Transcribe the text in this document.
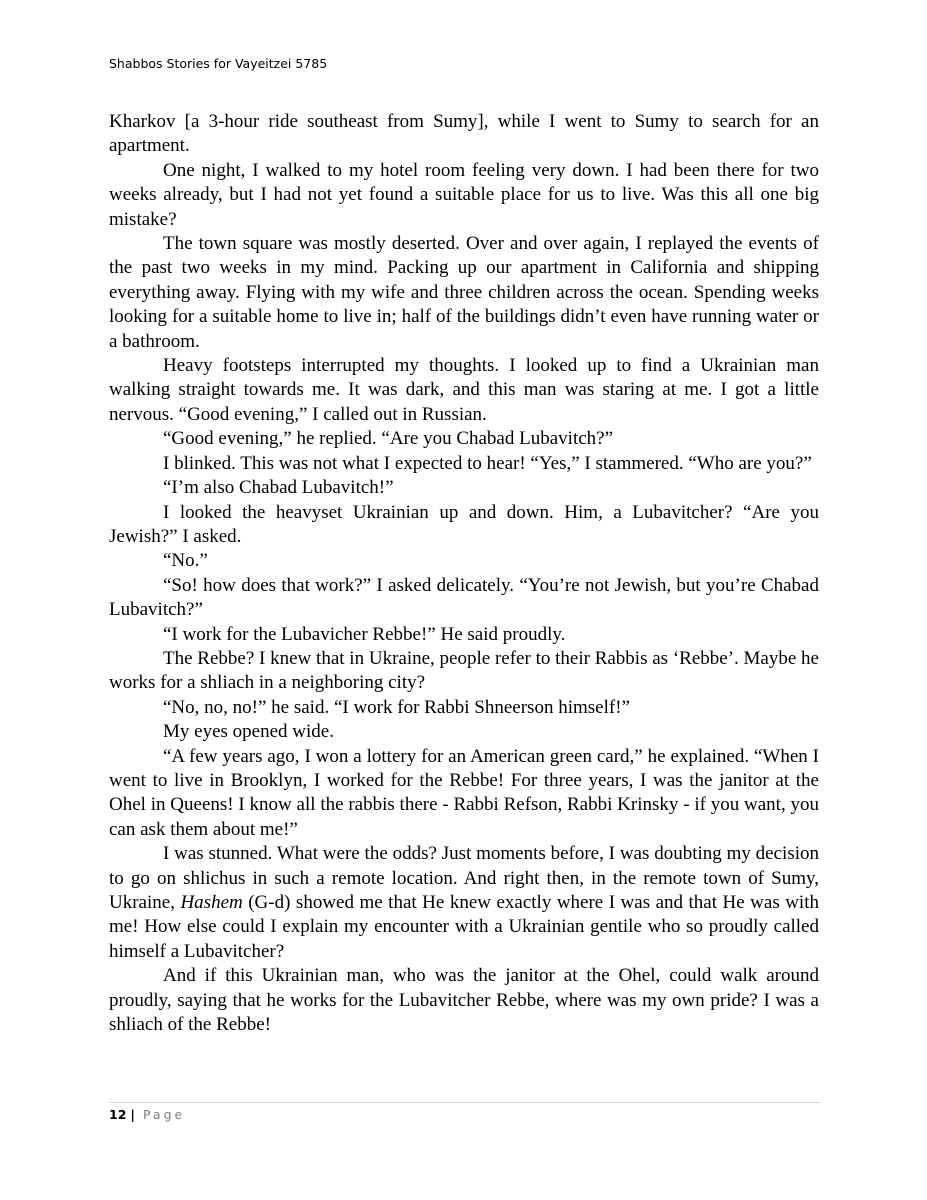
Shabbos Stories for Vayeitzei 5785

Kharkov [a 3-hour ride southeast from Sumy], while I went to Sumy to search for an apartment.

One night, I walked to my hotel room feeling very down. I had been there for two weeks already, but I had not yet found a suitable place for us to live. Was this all one big mistake?

The town square was mostly deserted. Over and over again, I replayed the events of the past two weeks in my mind. Packing up our apartment in California and shipping everything away. Flying with my wife and three children across the ocean. Spending weeks looking for a suitable home to live in; half of the buildings didn’t even have running water or a bathroom.

Heavy footsteps interrupted my thoughts. I looked up to find a Ukrainian man walking straight towards me. It was dark, and this man was staring at me. I got a little nervous. “Good evening,” I called out in Russian.

“Good evening,” he replied. “Are you Chabad Lubavitch?”

I blinked. This was not what I expected to hear! “Yes,” I stammered. “Who are you?”

“I’m also Chabad Lubavitch!”

I looked the heavyset Ukrainian up and down. Him, a Lubavitcher? “Are you Jewish?” I asked.

“No.”

“So! how does that work?” I asked delicately. “You’re not Jewish, but you’re Chabad Lubavitch?”

“I work for the Lubavicher Rebbe!” He said proudly.

The Rebbe? I knew that in Ukraine, people refer to their Rabbis as ‘Rebbe’. Maybe he works for a shliach in a neighboring city?

“No, no, no!” he said. “I work for Rabbi Shneerson himself!”

My eyes opened wide.

“A few years ago, I won a lottery for an American green card,” he explained. “When I went to live in Brooklyn, I worked for the Rebbe! For three years, I was the janitor at the Ohel in Queens! I know all the rabbis there - Rabbi Refson, Rabbi Krinsky - if you want, you can ask them about me!”

I was stunned. What were the odds? Just moments before, I was doubting my decision to go on shlichus in such a remote location. And right then, in the remote town of Sumy, Ukraine, Hashem (G-d) showed me that He knew exactly where I was and that He was with me! How else could I explain my encounter with a Ukrainian gentile who so proudly called himself a Lubavitcher?

And if this Ukrainian man, who was the janitor at the Ohel, could walk around proudly, saying that he works for the Lubavitcher Rebbe, where was my own pride? I was a shliach of the Rebbe!

12 | Page
